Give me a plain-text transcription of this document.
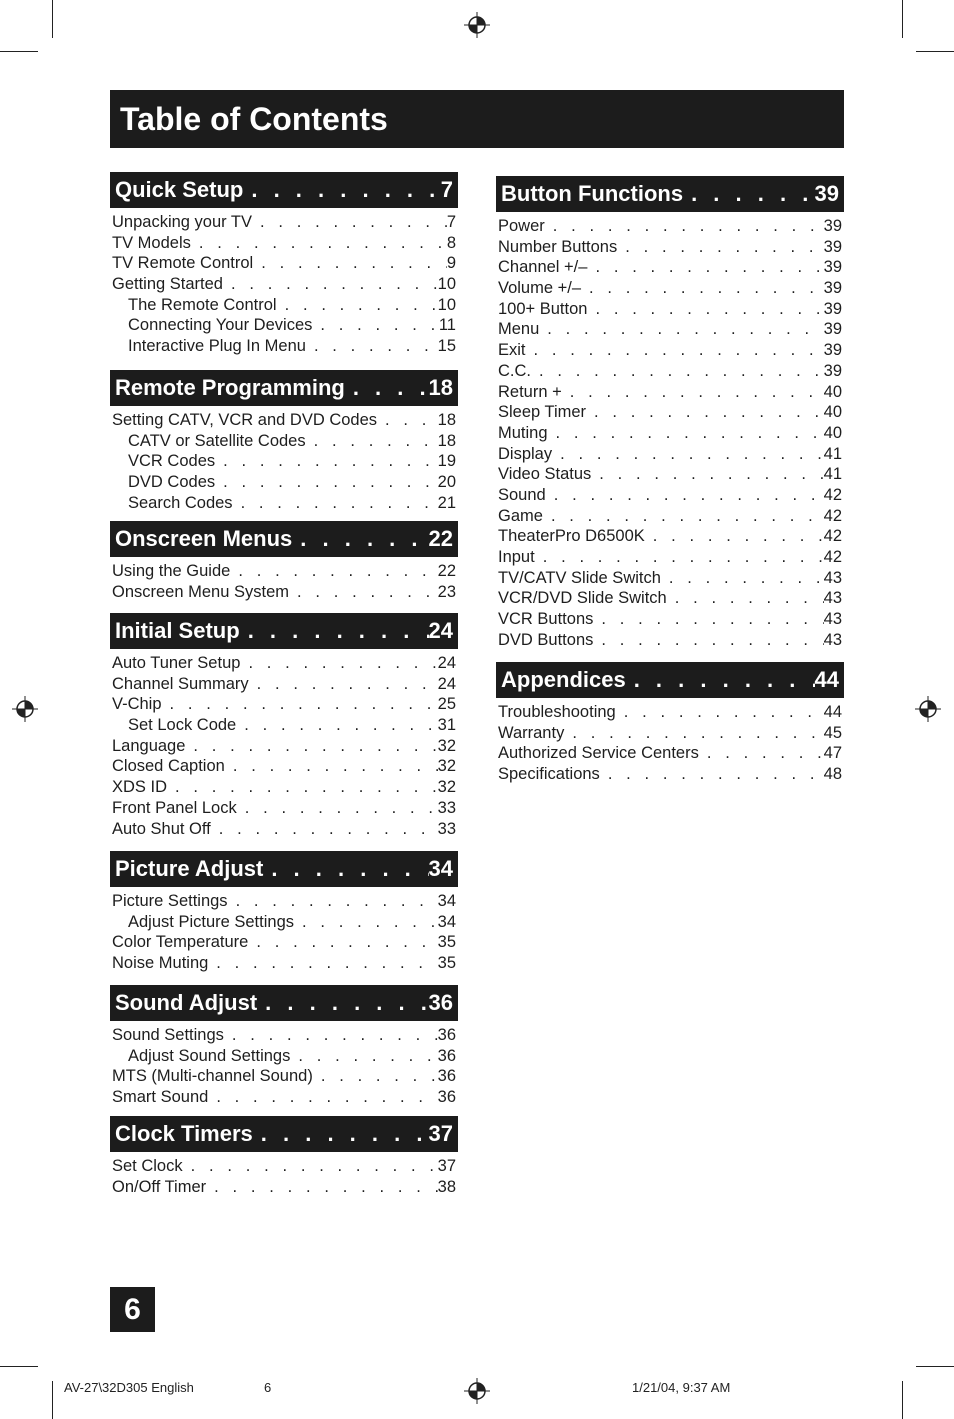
Table of Contents
Quick Setup . . .	7
Unpacking your TV . . .	7
TV Models . . .	8
TV Remote Control . . .	9
Getting Started . . .	10
The Remote Control . . .	10
Connecting Your Devices . . .	11
Interactive Plug In Menu . . .	15
Remote Programming . . .	18
Setting CATV, VCR and DVD Codes . . .	18
CATV or Satellite Codes . . .	18
VCR Codes . . .	19
DVD Codes . . .	20
Search Codes . . .	21
Onscreen Menus . . .	22
Using the Guide . . .	22
Onscreen Menu System . . .	23
Initial Setup . . .	24
Auto Tuner Setup . . .	24
Channel Summary . . .	24
V-Chip . . .	25
Set Lock Code . . .	31
Language . . .	32
Closed Caption . . .	32
XDS ID . . .	32
Front Panel Lock . . .	33
Auto Shut Off . . .	33
Picture Adjust . . .	34
Picture Settings . . .	34
Adjust Picture Settings . . .	34
Color Temperature . . .	35
Noise Muting . . .	35
Sound Adjust . . .	36
Sound Settings . . .	36
Adjust Sound Settings . . .	36
MTS (Multi-channel Sound) . . .	36
Smart Sound . . .	36
Clock Timers . . .	37
Set Clock . . .	37
On/Off Timer . . .	38
Button Functions . . .	39
Power . . .	39
Number Buttons . . .	39
Channel +/– . . .	39
Volume +/– . . .	39
100+ Button . . .	39
Menu . . .	39
Exit . . .	39
C.C. . . .	39
Return + . . .	40
Sleep Timer . . .	40
Muting . . .	40
Display . . .	41
Video Status . . .	41
Sound . . .	42
Game . . .	42
TheaterPro D6500K . . .	42
Input . . .	42
TV/CATV Slide Switch . . .	43
VCR/DVD Slide Switch . . .	43
VCR Buttons . . .	43
DVD Buttons . . .	43
Appendices . . .	44
Troubleshooting . . .	44
Warranty . . .	45
Authorized Service Centers . . .	47
Specifications . . .	48
6
AV-27\32D305 English	6	1/21/04, 9:37 AM
